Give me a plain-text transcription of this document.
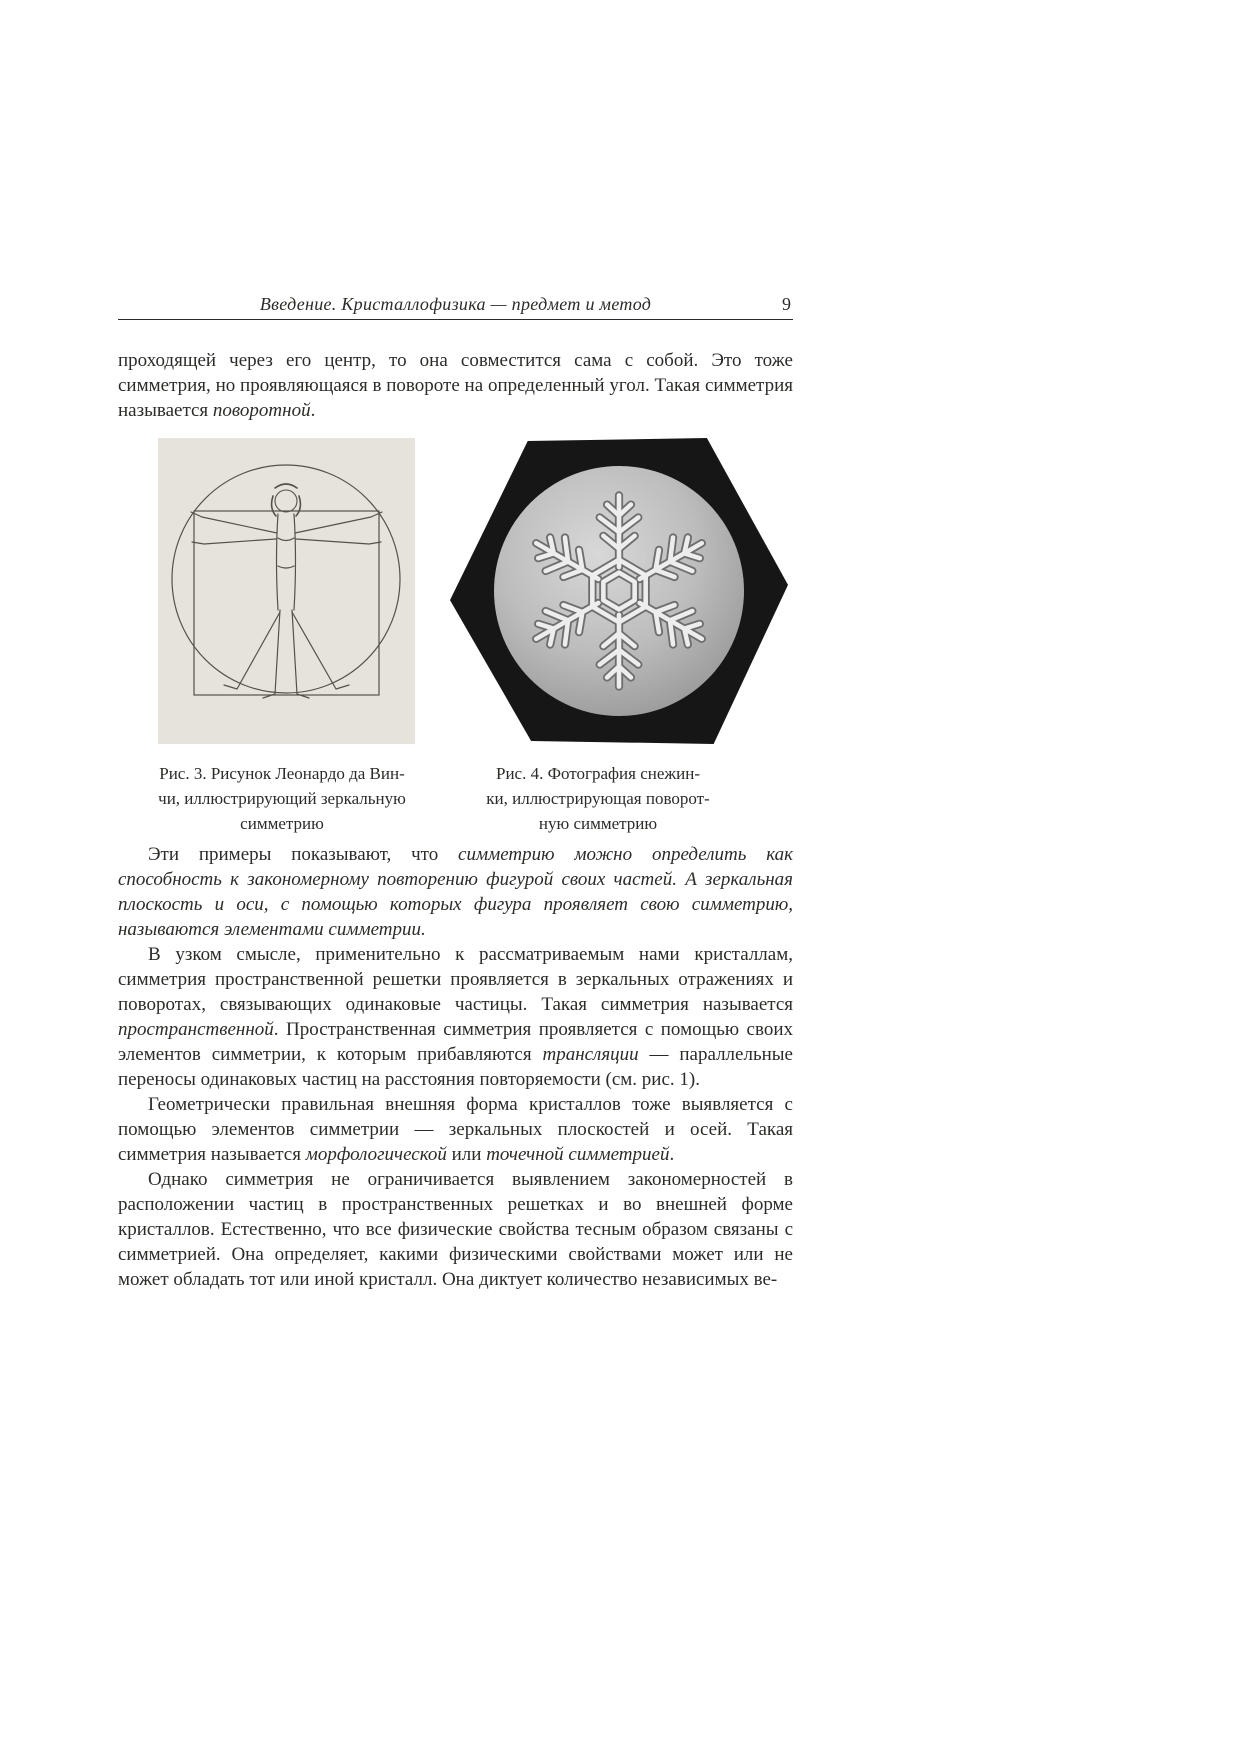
Введение. Кристаллофизика — предмет и метод	9

проходящей через его центр, то она совместится сама с собой. Это тоже симметрия, но проявляющаяся в повороте на определенный угол. Такая симметрия называется поворотной.

Рис. 3. Рисунок Леонардо да Вин-
чи, иллюстрирующий зеркальную
симметрию
Рис. 4. Фотография снежин-
ки, иллюстрирующая поворот-
ную симметрию

Эти примеры показывают, что симметрию можно определить как способность к закономерному повторению фигурой своих частей. А зеркальная плоскость и оси, с помощью которых фигура проявляет свою симметрию, называются элементами симметрии.

В узком смысле, применительно к рассматриваемым нами кристаллам, симметрия пространственной решетки проявляется в зеркальных отражениях и поворотах, связывающих одинаковые частицы. Такая симметрия называется пространственной. Пространственная симметрия проявляется с помощью своих элементов симметрии, к которым прибавляются трансляции — параллельные переносы одинаковых частиц на расстояния повторяемости (см. рис. 1).

Геометрически правильная внешняя форма кристаллов тоже выявляется с помощью элементов симметрии — зеркальных плоскостей и осей. Такая симметрия называется морфологической или точечной симметрией.

Однако симметрия не ограничивается выявлением закономерностей в расположении частиц в пространственных решетках и во внешней форме кристаллов. Естественно, что все физические свойства тесным образом связаны с симметрией. Она определяет, какими физическими свойствами может или не может обладать тот или иной кристалл. Она диктует количество независимых ве-
